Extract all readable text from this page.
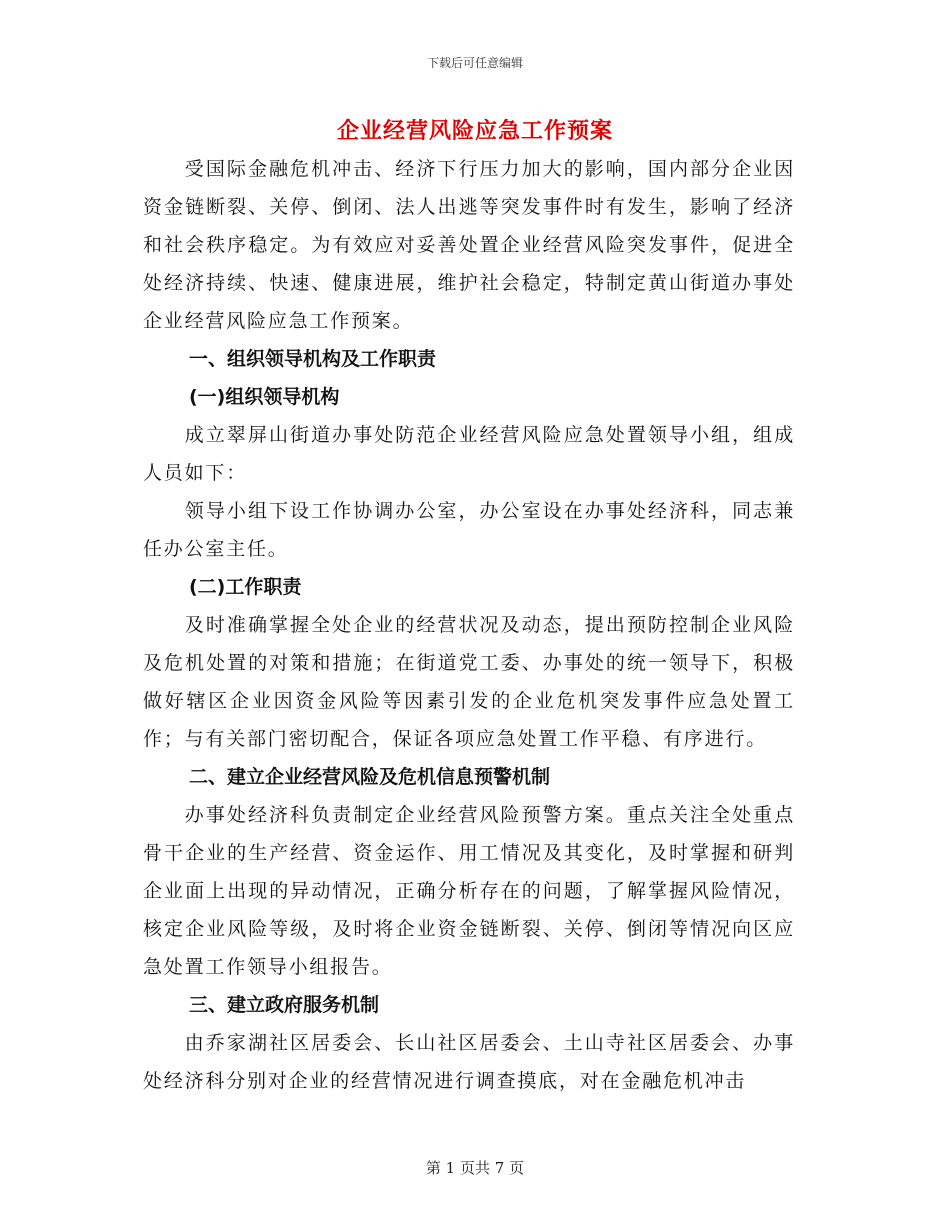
下载后可任意编辑
企业经营风险应急工作预案

受国际金融危机冲击、经济下行压力加大的影响，国内部分企业因资金链断裂、关停、倒闭、法人出逃等突发事件时有发生，影响了经济和社会秩序稳定。为有效应对妥善处置企业经营风险突发事件，促进全处经济持续、快速、健康进展，维护社会稳定，特制定黄山街道办事处企业经营风险应急工作预案。

一、组织领导机构及工作职责

(一)组织领导机构

成立翠屏山街道办事处防范企业经营风险应急处置领导小组，组成人员如下：

领导小组下设工作协调办公室，办公室设在办事处经济科，同志兼任办公室主任。

(二)工作职责

及时准确掌握全处企业的经营状况及动态，提出预防控制企业风险及危机处置的对策和措施；在街道党工委、办事处的统一领导下，积极做好辖区企业因资金风险等因素引发的企业危机突发事件应急处置工作；与有关部门密切配合，保证各项应急处置工作平稳、有序进行。

二、建立企业经营风险及危机信息预警机制

办事处经济科负责制定企业经营风险预警方案。重点关注全处重点骨干企业的生产经营、资金运作、用工情况及其变化，及时掌握和研判企业面上出现的异动情况，正确分析存在的问题，了解掌握风险情况，核定企业风险等级，及时将企业资金链断裂、关停、倒闭等情况向区应急处置工作领导小组报告。

三、建立政府服务机制

由乔家湖社区居委会、长山社区居委会、土山寺社区居委会、办事处经济科分别对企业的经营情况进行调查摸底，对在金融危机冲击

第 1 页共 7 页
